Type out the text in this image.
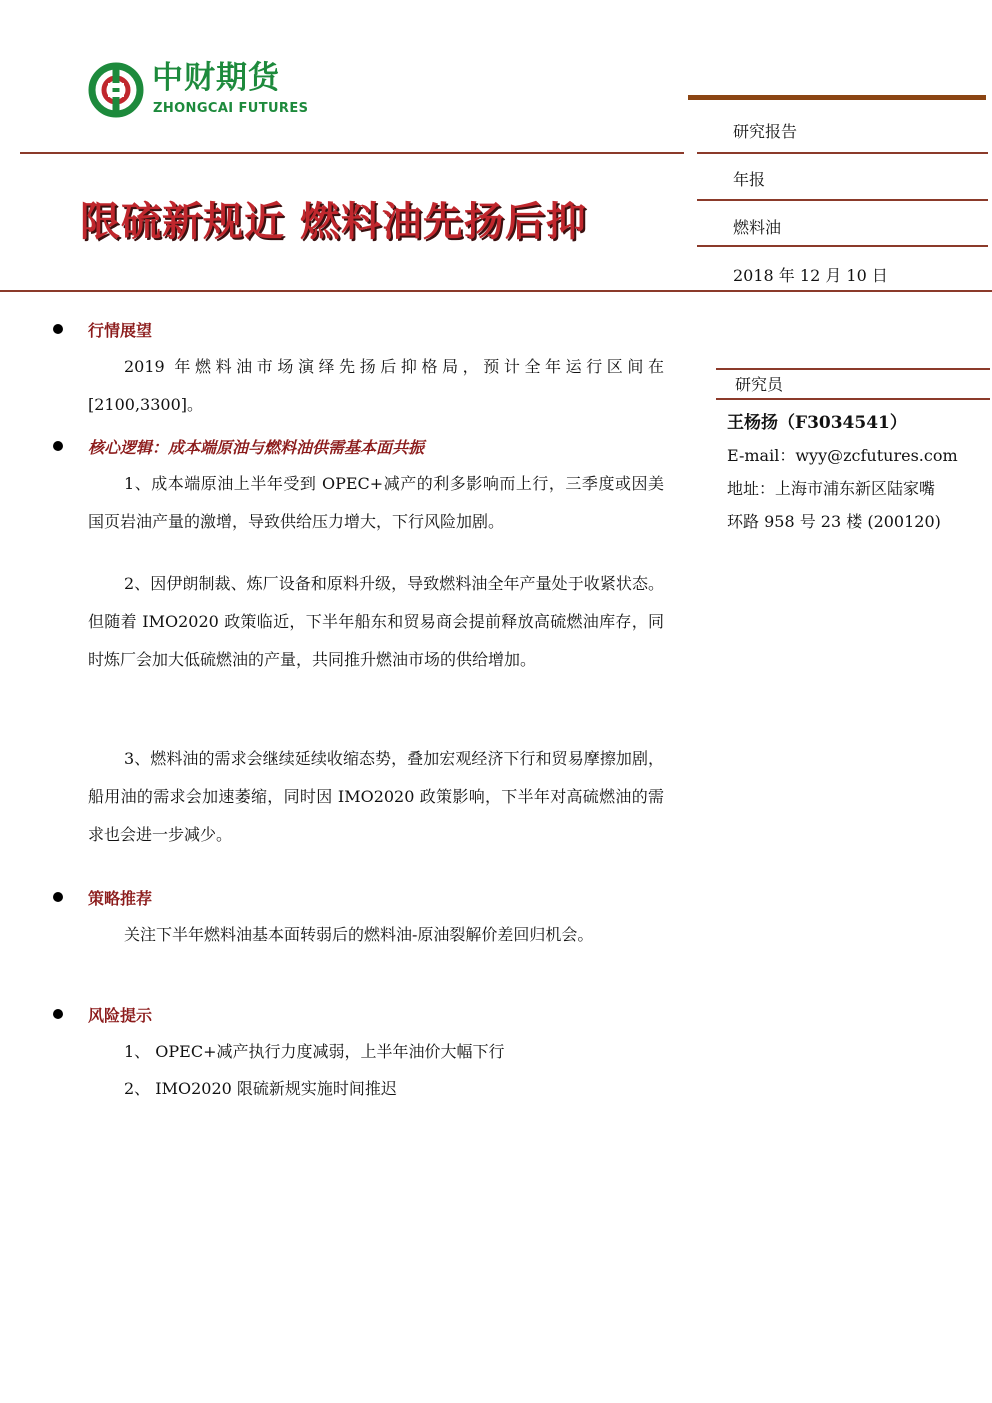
中财期货
ZHONGCAI FUTURES
研究报告
年报
燃料油
2018 年 12 月 10 日
限硫新规近 燃料油先扬后抑
行情展望
2019 年燃料油市场演绎先扬后抑格局，预计全年运行区间在[2100,3300]。
核心逻辑：成本端原油与燃料油供需基本面共振
1、成本端原油上半年受到 OPEC+减产的利多影响而上行，三季度或因美国页岩油产量的激增，导致供给压力增大，下行风险加剧。
2、因伊朗制裁、炼厂设备和原料升级，导致燃料油全年产量处于收紧状态。但随着 IMO2020 政策临近，下半年船东和贸易商会提前释放高硫燃油库存，同时炼厂会加大低硫燃油的产量，共同推升燃油市场的供给增加。
3、燃料油的需求会继续延续收缩态势，叠加宏观经济下行和贸易摩擦加剧，船用油的需求会加速萎缩，同时因 IMO2020 政策影响，下半年对高硫燃油的需求也会进一步减少。
策略推荐
关注下半年燃料油基本面转弱后的燃料油-原油裂解价差回归机会。
风险提示
1、 OPEC+减产执行力度减弱，上半年油价大幅下行
2、 IMO2020 限硫新规实施时间推迟
研究员
王杨扬（F3034541）
E-mail：wyy@zcfutures.com
地址：上海市浦东新区陆家嘴
环路 958 号 23 楼 (200120)
